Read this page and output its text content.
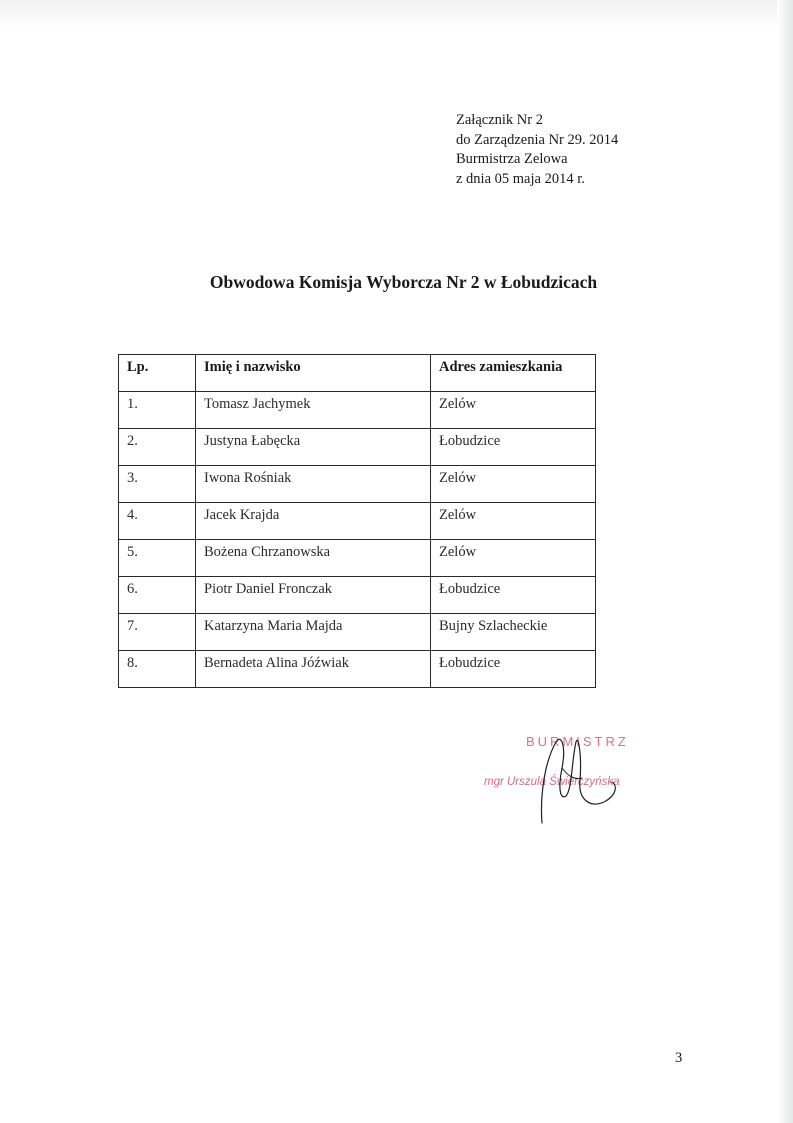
Załącznik Nr 2
do Zarządzenia Nr 29. 2014
Burmistrza Zelowa
z dnia 05 maja 2014 r.
Obwodowa Komisja Wyborcza Nr 2 w Łobudzicach
Lp.	Imię i nazwisko	Adres zamieszkania
1.	Tomasz Jachymek	Zelów
2.	Justyna Łabęcka	Łobudzice
3.	Iwona Rośniak	Zelów
4.	Jacek Krajda	Zelów
5.	Bożena Chrzanowska	Zelów
6.	Piotr Daniel Fronczak	Łobudzice
7.	Katarzyna Maria Majda	Bujny Szlacheckie
8.	Bernadeta Alina Jóźwiak	Łobudzice
BURMISTRZ
mgr Urszula Świerczyńska
3
